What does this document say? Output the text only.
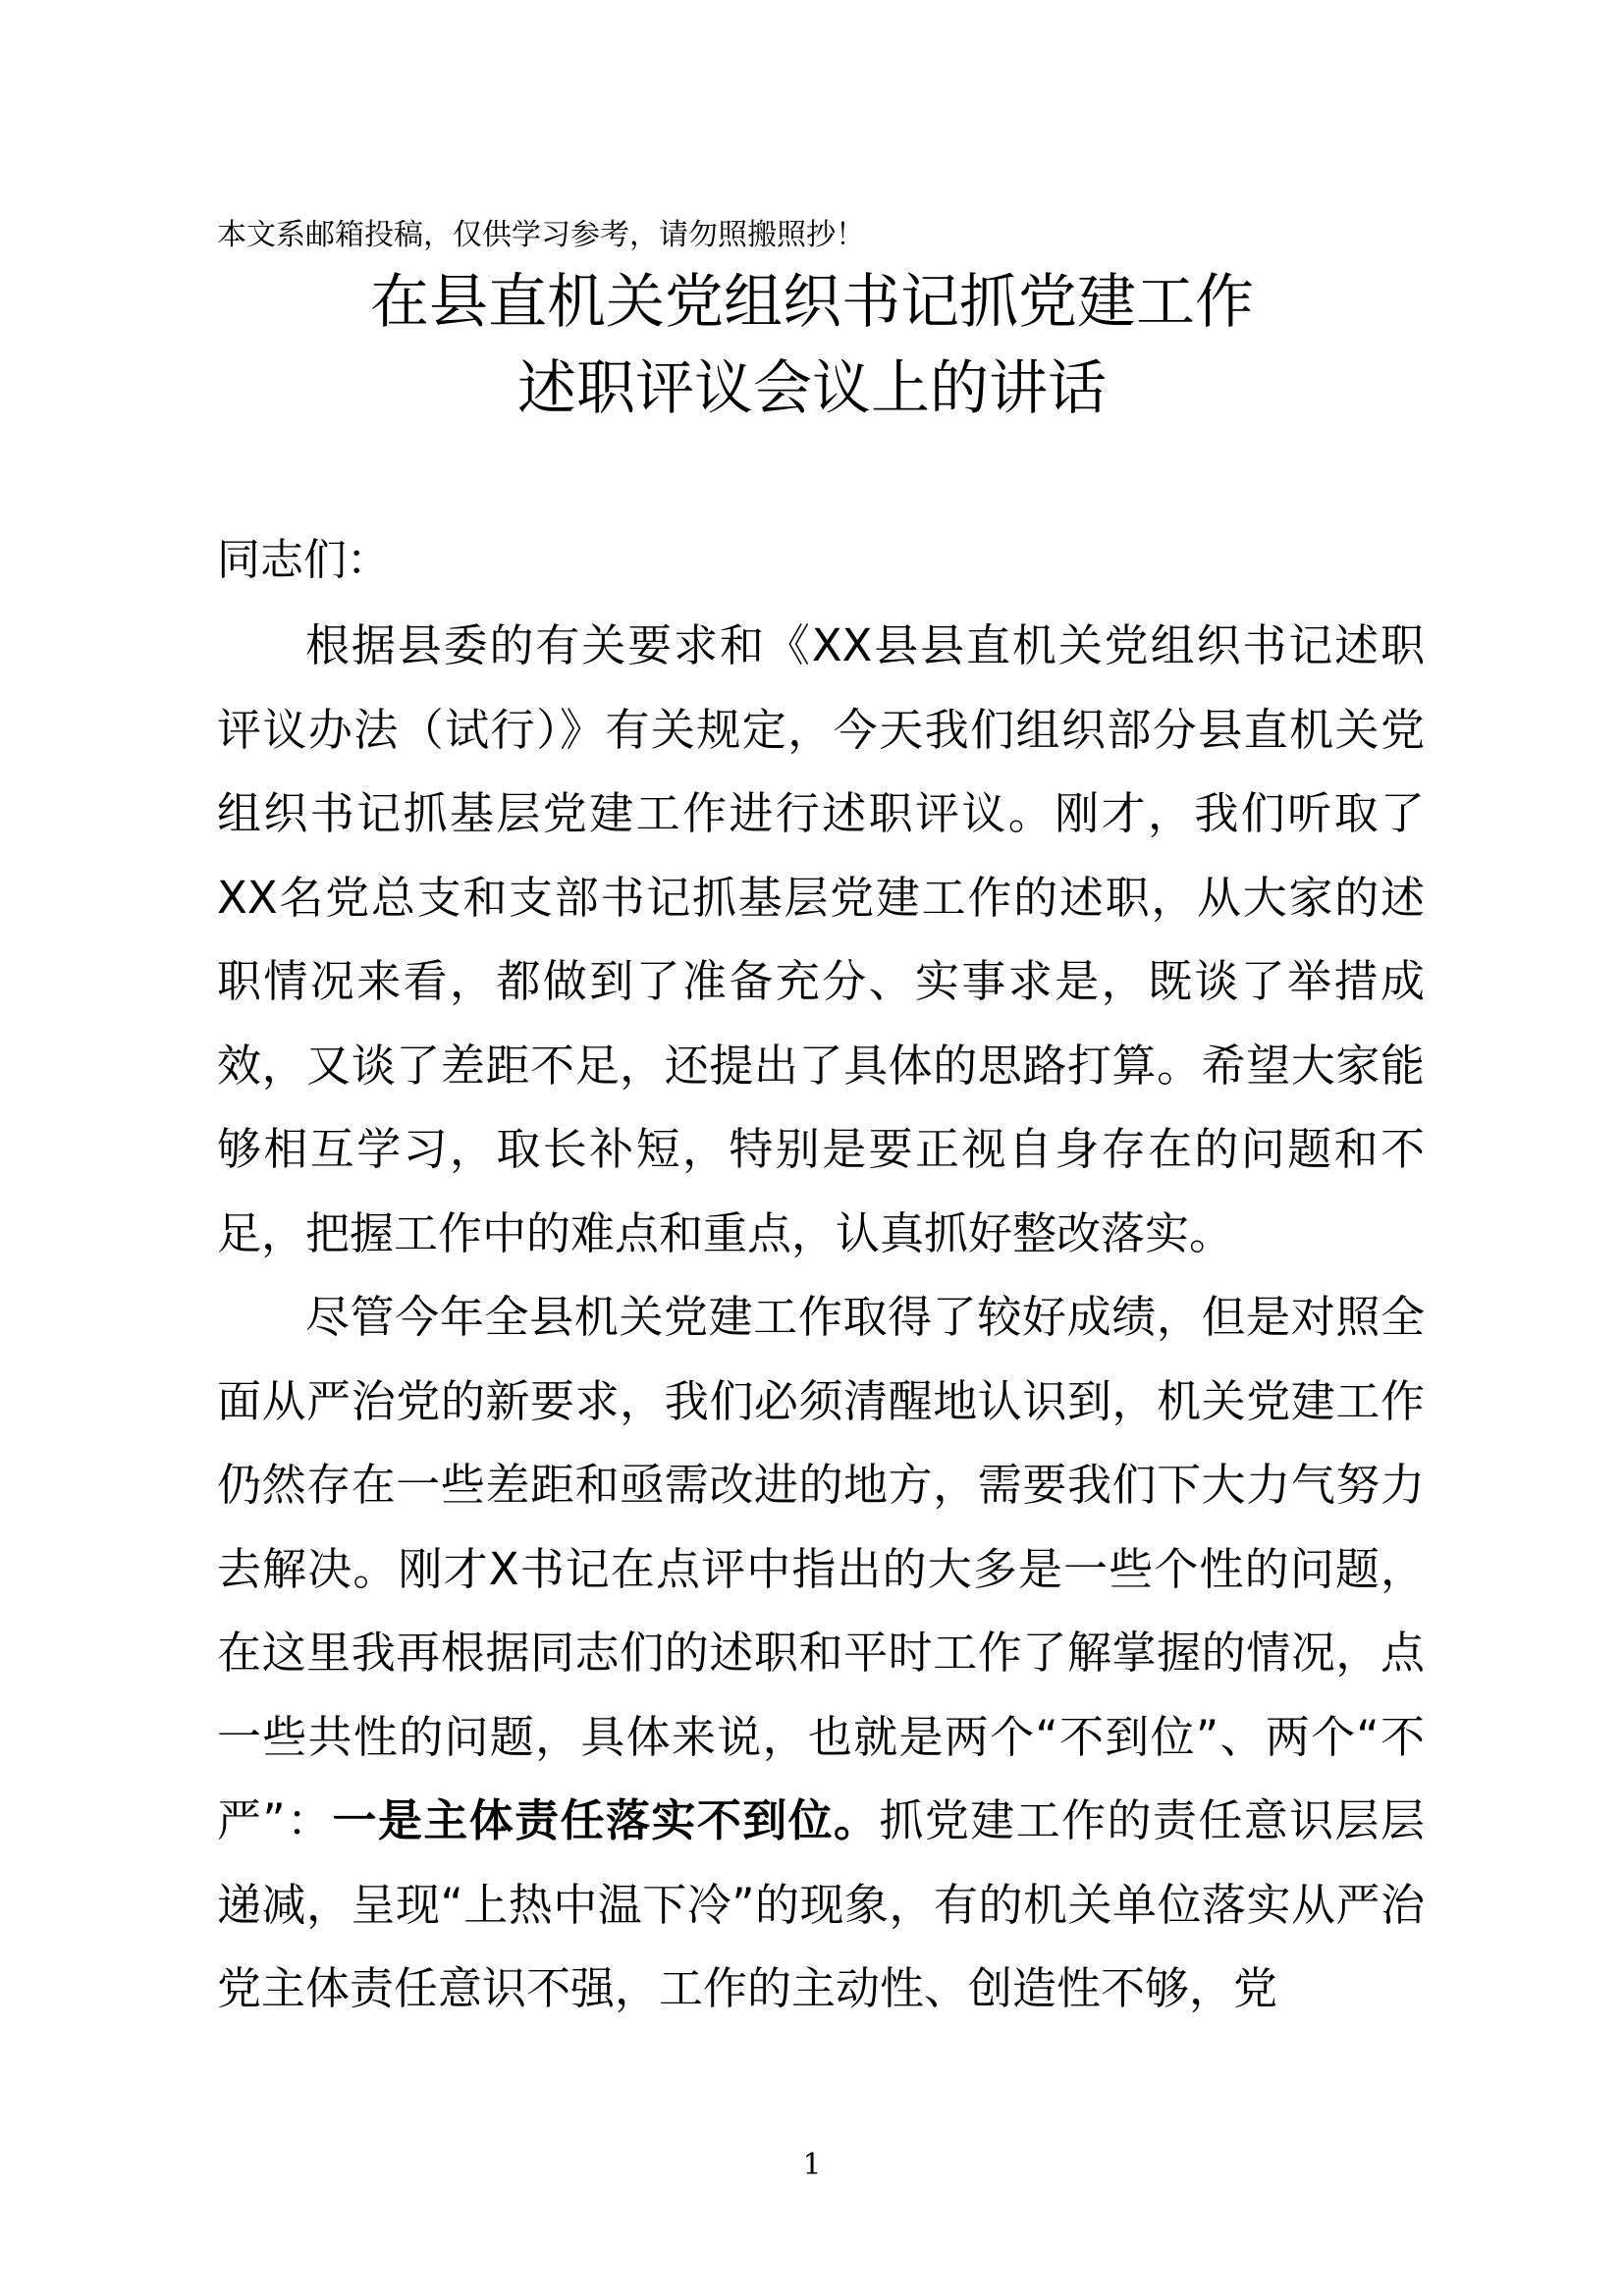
本文系邮箱投稿，仅供学习参考，请勿照搬照抄！
在县直机关党组织书记抓党建工作
述职评议会议上的讲话
同志们：

根据县委的有关要求和《XX县县直机关党组织书记述职评议办法（试行）》有关规定，今天我们组织部分县直机关党组织书记抓基层党建工作进行述职评议。刚才，我们听取了XX名党总支和支部书记抓基层党建工作的述职，从大家的述职情况来看，都做到了准备充分、实事求是，既谈了举措成效，又谈了差距不足，还提出了具体的思路打算。希望大家能够相互学习，取长补短，特别是要正视自身存在的问题和不足，把握工作中的难点和重点，认真抓好整改落实。

尽管今年全县机关党建工作取得了较好成绩，但是对照全面从严治党的新要求，我们必须清醒地认识到，机关党建工作仍然存在一些差距和亟需改进的地方，需要我们下大力气努力去解决。刚才X书记在点评中指出的大多是一些个性的问题，在这里我再根据同志们的述职和平时工作了解掌握的情况，点一些共性的问题，具体来说，也就是两个“不到位”、两个“不严”：一是主体责任落实不到位。抓党建工作的责任意识层层递减，呈现“上热中温下冷”的现象，有的机关单位落实从严治党主体责任意识不强，工作的主动性、创造性不够，党

1
